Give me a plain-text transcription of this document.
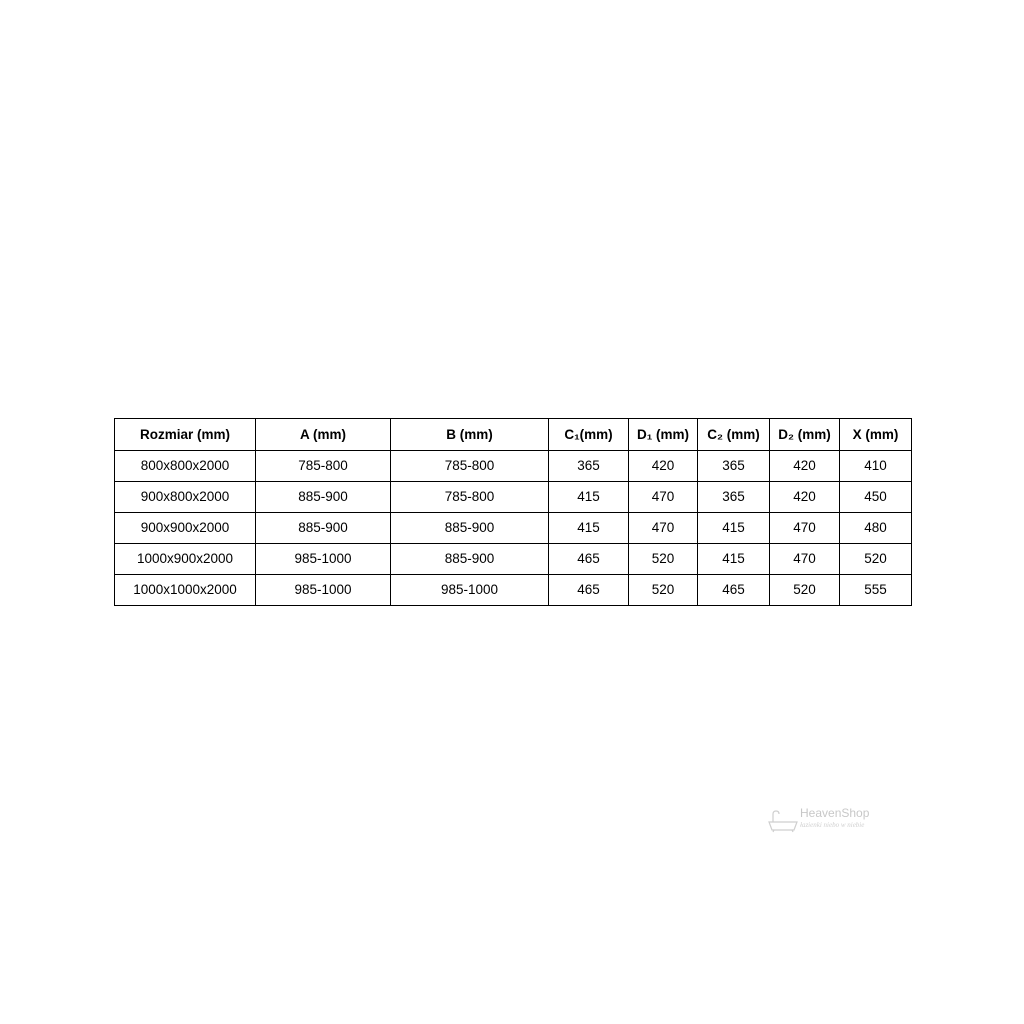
Rozmiar (mm)	A (mm)	B (mm)	C₁(mm)	D₁ (mm)	C₂ (mm)	D₂ (mm)	X (mm)
800x800x2000	785-800	785-800	365	420	365	420	410
900x800x2000	885-900	785-800	415	470	365	420	450
900x900x2000	885-900	885-900	415	470	415	470	480
1000x900x2000	985-1000	885-900	465	520	415	470	520
1000x1000x2000	985-1000	985-1000	465	520	465	520	555
HeavenShop
łazienki niebo w niebie
